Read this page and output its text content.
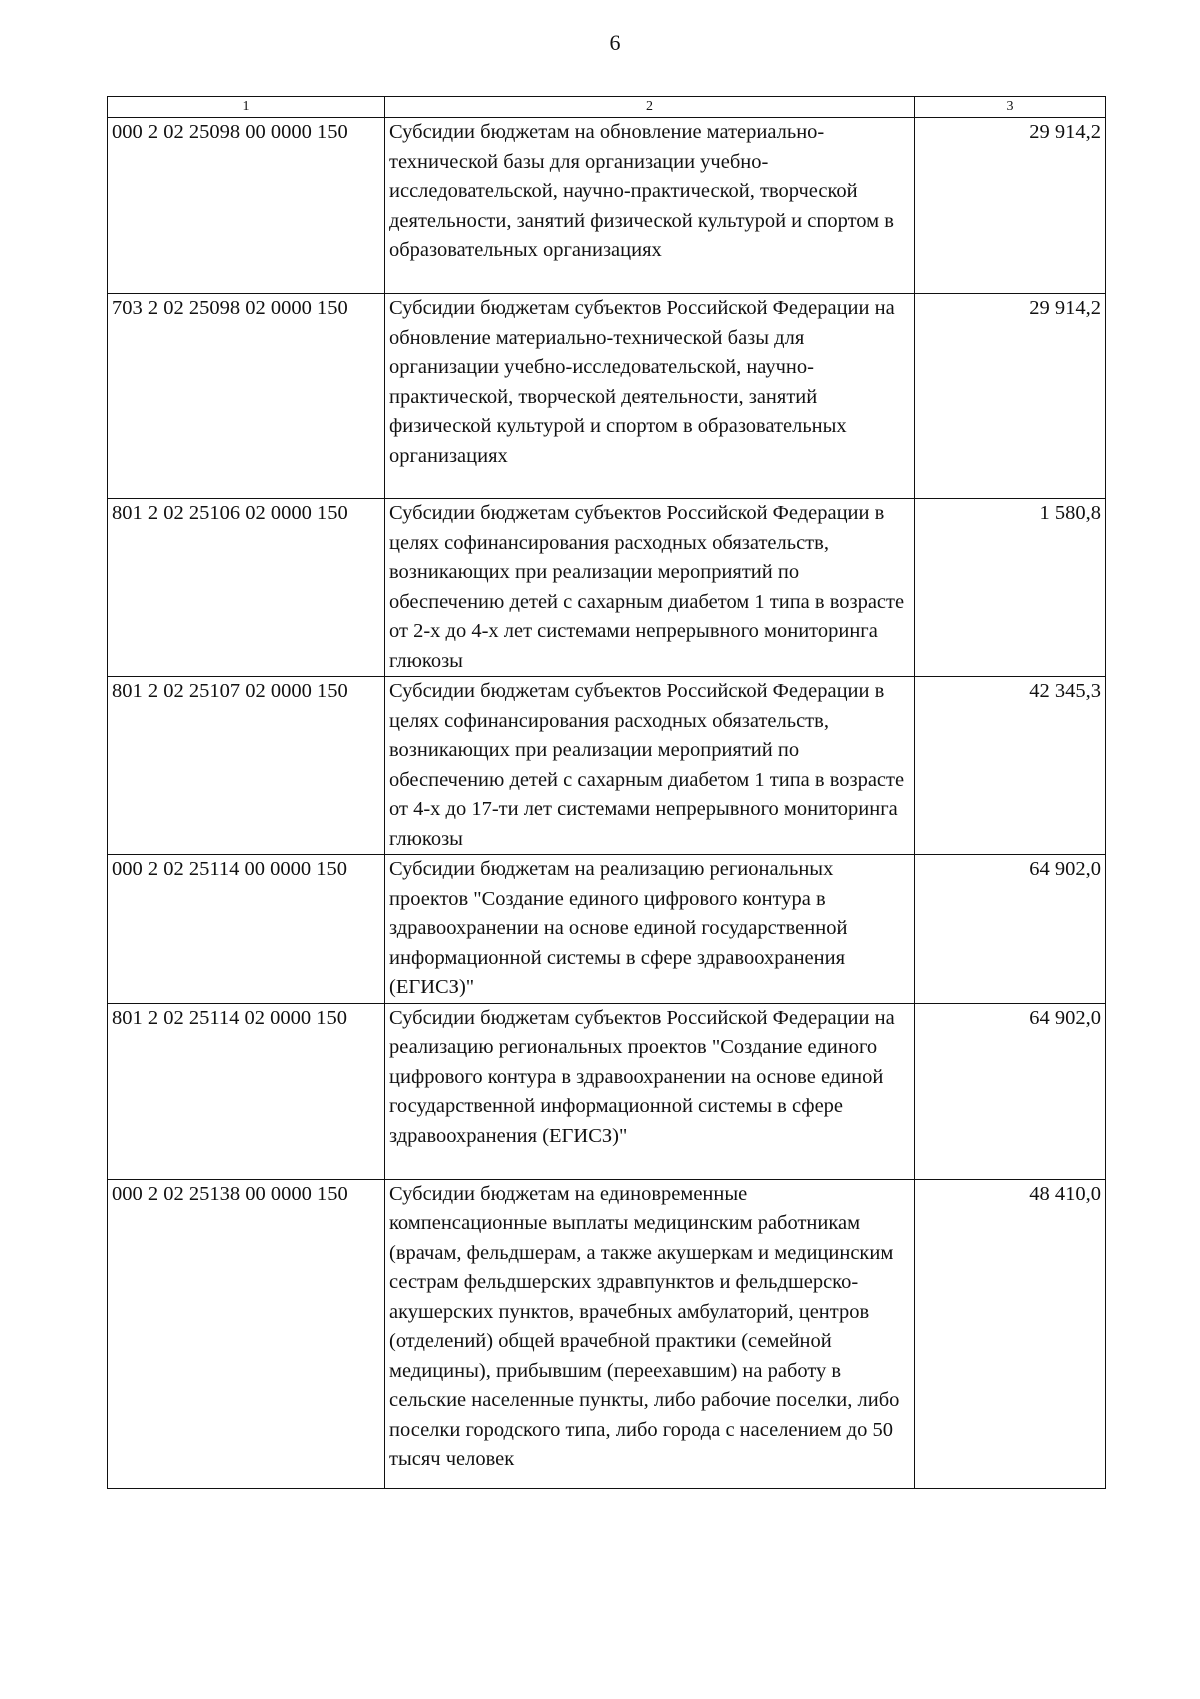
6
1	2	3
000 2 02 25098 00 0000 150	Субсидии бюджетам на обновление материально-технической базы для организации учебно-исследовательской, научно-практической, творческой деятельности, занятий физической культурой и спортом в образовательных организациях	29 914,2
703 2 02 25098 02 0000 150	Субсидии бюджетам субъектов Российской Федерации на обновление материально-технической базы для организации учебно-исследовательской, научно-практической, творческой деятельности, занятий физической культурой и спортом в образовательных организациях	29 914,2
801 2 02 25106 02 0000 150	Субсидии бюджетам субъектов Российской Федерации в целях софинансирования расходных обязательств, возникающих при реализации мероприятий по обеспечению детей с сахарным диабетом 1 типа в возрасте от 2-х до 4-х лет системами непрерывного мониторинга глюкозы	1 580,8
801 2 02 25107 02 0000 150	Субсидии бюджетам субъектов Российской Федерации в целях софинансирования расходных обязательств, возникающих при реализации мероприятий по обеспечению детей с сахарным диабетом 1 типа в возрасте от 4-х до 17-ти лет системами непрерывного мониторинга глюкозы	42 345,3
000 2 02 25114 00 0000 150	Субсидии бюджетам на реализацию региональных проектов "Создание единого цифрового контура в здравоохранении на основе единой государственной информационной системы в сфере здравоохранения (ЕГИСЗ)"	64 902,0
801 2 02 25114 02 0000 150	Субсидии бюджетам субъектов Российской Федерации на реализацию региональных проектов "Создание единого цифрового контура в здравоохранении на основе единой государственной информационной системы в сфере здравоохранения (ЕГИСЗ)"	64 902,0
000 2 02 25138 00 0000 150	Субсидии бюджетам на единовременные компенсационные выплаты медицинским работникам (врачам, фельдшерам, а также акушеркам и медицинским сестрам фельдшерских здравпунктов и фельдшерско-акушерских пунктов, врачебных амбулаторий, центров (отделений) общей врачебной практики (семейной медицины), прибывшим (переехавшим) на работу в сельские населенные пункты, либо рабочие поселки, либо поселки городского типа, либо города с населением до 50 тысяч человек	48 410,0
